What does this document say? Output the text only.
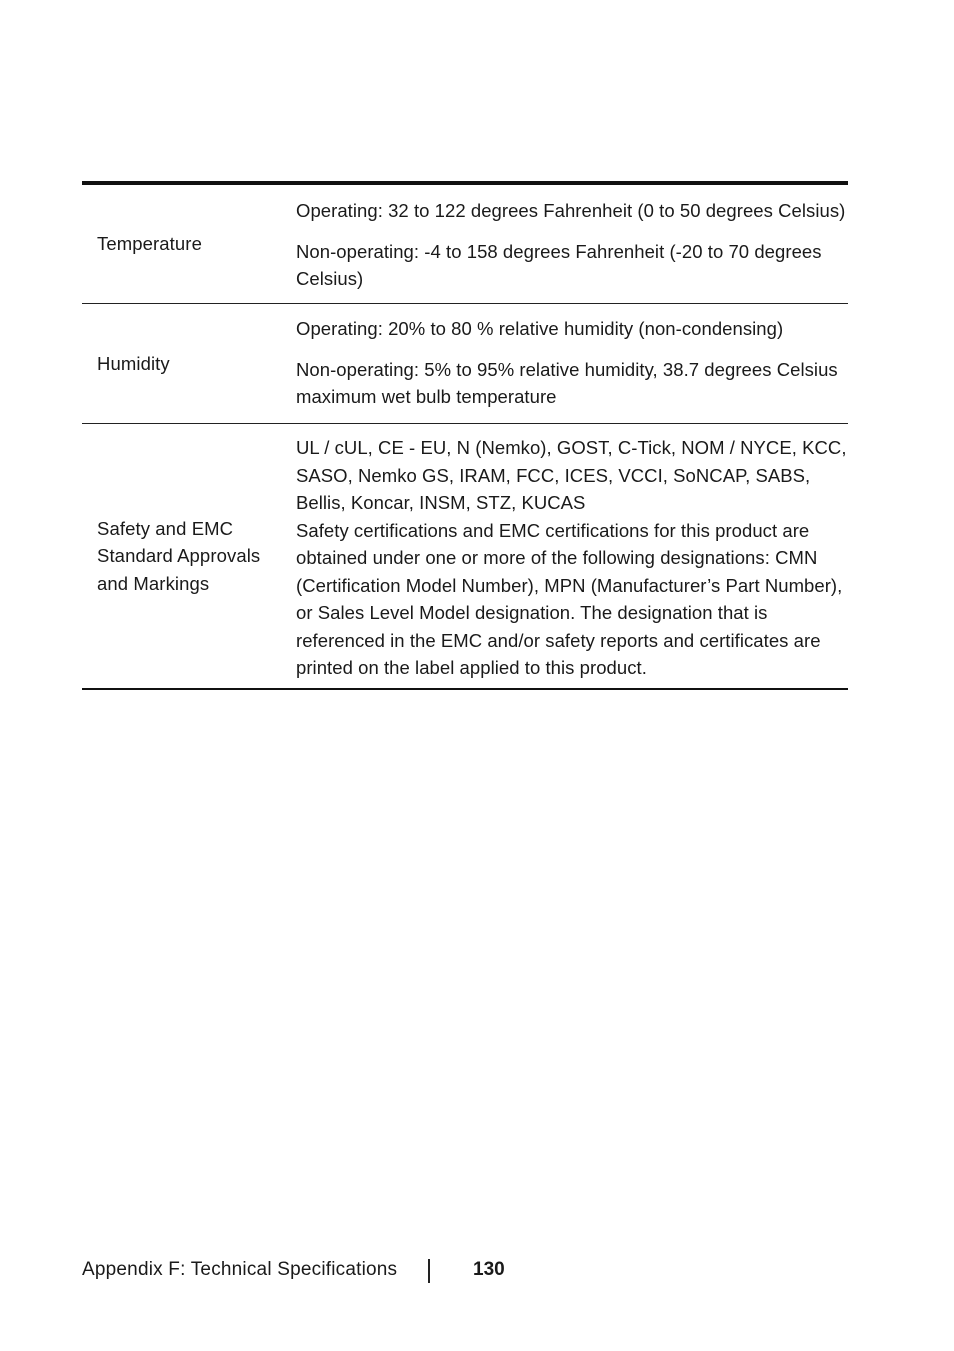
Temperature

Operating: 32 to 122 degrees Fahrenheit (0 to 50 degrees Celsius)

Non-operating: -4 to 158 degrees Fahrenheit (-20 to 70 degrees Celsius)

Humidity

Operating: 20% to 80 % relative humidity (non-condensing)

Non-operating: 5% to 95% relative humidity, 38.7 degrees Celsius maximum wet bulb temperature

Safety and EMC
Standard Approvals
and Markings

UL / cUL, CE - EU, N (Nemko), GOST, C-Tick, NOM / NYCE, KCC, SASO, Nemko GS, IRAM, FCC, ICES, VCCI, SoNCAP, SABS, Bellis, Koncar, INSM, STZ, KUCAS

Safety certifications and EMC certifications for this product are obtained under one or more of the following designations: CMN (Certification Model Number), MPN (Manufacturer’s Part Number), or Sales Level Model designation. The designation that is referenced in the EMC and/or safety reports and certificates are printed on the label applied to this product.

Appendix F: Technical Specifications	130
